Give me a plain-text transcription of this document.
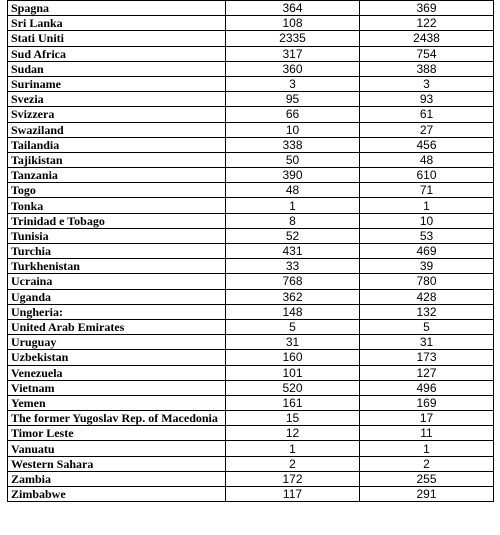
Spagna	364	369
Sri Lanka	108	122
Stati Uniti	2335	2438
Sud Africa	317	754
Sudan	360	388
Suriname	3	3
Svezia	95	93
Svizzera	66	61
Swaziland	10	27
Tailandia	338	456
Tajikistan	50	48
Tanzania	390	610
Togo	48	71
Tonka	1	1
Trinidad e Tobago	8	10
Tunisia	52	53
Turchia	431	469
Turkhenistan	33	39
Ucraina	768	780
Uganda	362	428
Ungheria:	148	132
United Arab Emirates	5	5
Uruguay	31	31
Uzbekistan	160	173
Venezuela	101	127
Vietnam	520	496
Yemen	161	169
The former Yugoslav Rep. of Macedonia	15	17
Timor Leste	12	11
Vanuatu	1	1
Western Sahara	2	2
Zambia	172	255
Zimbabwe	117	291
